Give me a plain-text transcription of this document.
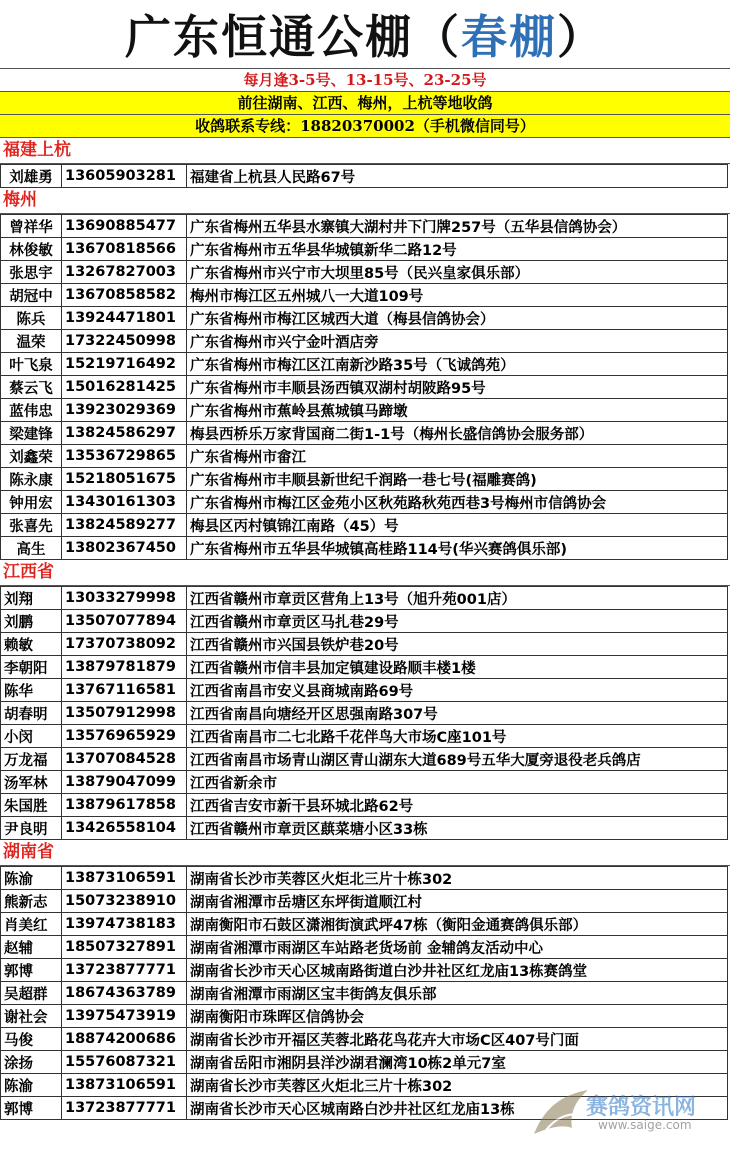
广东恒通公棚（春棚）
每月逢3-5号、13-15号、23-25号
前往湖南、江西、梅州，上杭等地收鸽
收鸽联系专线：18820370002（手机微信同号）
福建上杭
刘雄勇	13605903281	福建省上杭县人民路67号
梅州
曾祥华	13690885477	广东省梅州五华县水寨镇大湖村井下门牌257号（五华县信鸽协会）
林俊敏	13670818566	广东省梅州市五华县华城镇新华二路12号
张思宇	13267827003	广东省梅州市兴宁市大坝里85号（民兴皇家俱乐部）
胡冠中	13670858582	梅州市梅江区五州城八一大道109号
陈兵	13924471801	广东省梅州市梅江区城西大道（梅县信鸽协会）
温荣	17322450998	广东省梅州市兴宁金叶酒店旁
叶飞泉	15219716492	广东省梅州市梅江区江南新沙路35号（飞诚鸽苑）
蔡云飞	15016281425	广东省梅州市丰顺县汤西镇双湖村胡陂路95号
蓝伟忠	13923029369	广东省梅州市蕉岭县蕉城镇马蹄墩
梁建锋	13824586297	梅县西桥乐万家背国商二街1-1号（梅州长盛信鸽协会服务部）
刘鑫荣	13536729865	广东省梅州市畲江
陈永康	15218051675	广东省梅州市丰顺县新世纪千润路一巷七号(福雕赛鸽)
钟用宏	13430161303	广东省梅州市梅江区金苑小区秋苑路秋苑西巷3号梅州市信鸽协会
张喜先	13824589277	梅县区丙村镇锦江南路（45）号
高生	13802367450	广东省梅州市五华县华城镇高桂路114号(华兴赛鸽俱乐部)
江西省
刘翔	13033279998	江西省赣州市章贡区营角上13号（旭升苑001店）
刘鹏	13507077894	江西省赣州市章贡区马扎巷29号
赖敏	17370738092	江西省赣州市兴国县铁炉巷20号
李朝阳	13879781879	江西省赣州市信丰县加定镇建设路顺丰楼1楼
陈华	13767116581	江西省南昌市安义县商城南路69号
胡春明	13507912998	江西省南昌向塘经开区思强南路307号
小闵	13576965929	江西省南昌市二七北路千花伴鸟大市场C座101号
万龙福	13707084528	江西省南昌市场青山湖区青山湖东大道689号五华大厦旁退役老兵鸽店
汤军林	13879047099	江西省新余市
朱国胜	13879617858	江西省吉安市新干县环城北路62号
尹良明	13426558104	江西省赣州市章贡区蕻菜塘小区33栋
湖南省
陈渝	13873106591	湖南省长沙市芙蓉区火炬北三片十栋302
熊新志	15073238910	湖南省湘潭市岳塘区东坪街道顺江村
肖美红	13974738183	湖南衡阳市石鼓区潇湘街演武坪47栋（衡阳金通赛鸽俱乐部）
赵辅	18507327891	湖南省湘潭市雨湖区车站路老货场前 金辅鸽友活动中心
郭博	13723877771	湖南省长沙市天心区城南路街道白沙井社区红龙庙13栋赛鸽堂
吴超群	18674363789	湖南省湘潭市雨湖区宝丰街鸽友俱乐部
谢社会	13975473919	湖南衡阳市珠晖区信鸽协会
马俊	18874200686	湖南省长沙市开福区芙蓉北路花鸟花卉大市场C区407号门面
涂扬	15576087321	湖南省岳阳市湘阴县洋沙湖君澜湾10栋2单元7室
陈渝	13873106591	湖南省长沙市芙蓉区火炬北三片十栋302
郭博	13723877771	湖南省长沙市天心区城南路白沙井社区红龙庙13栋	赛鸽资讯网
www.saige.com
